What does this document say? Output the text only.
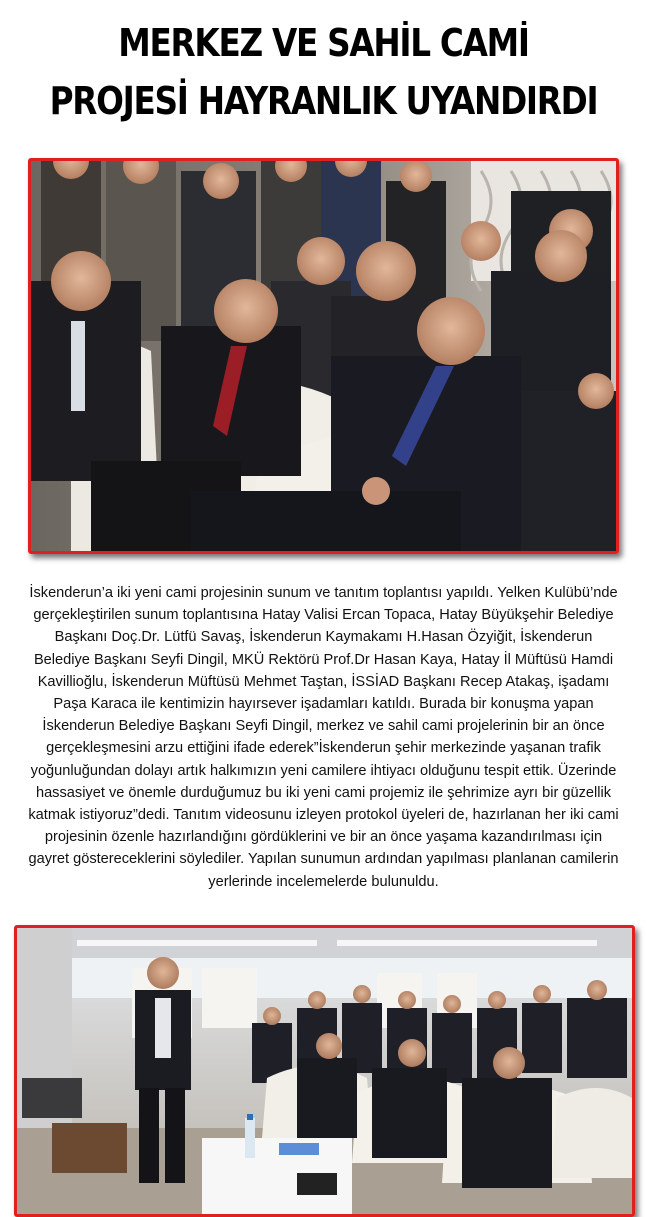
MERKEZ VE SAHİL CAMİ
PROJESİ HAYRANLIK UYANDIRDI

İskenderun’a iki yeni cami projesinin sunum ve tanıtım toplantısı yapıldı. Yelken Kulübü’nde gerçekleştirilen sunum toplantısına Hatay Valisi Ercan Topaca, Hatay Büyükşehir Belediye Başkanı Doç.Dr. Lütfü Savaş, İskenderun Kaymakamı H.Hasan Özyiğit, İskenderun Belediye Başkanı Seyfi Dingil, MKÜ Rektörü Prof.Dr Hasan Kaya, Hatay İl Müftüsü Hamdi Kavillioğlu, İskenderun Müftüsü Mehmet Taştan, İSSİAD Başkanı Recep Atakaş, işadamı Paşa Karaca ile kentimizin hayırsever işadamları katıldı. Burada bir konuşma yapan İskenderun Belediye Başkanı Seyfi Dingil, merkez ve sahil cami projelerinin bir an önce gerçekleşmesini arzu ettiğini ifade ederek”İskenderun şehir merkezinde yaşanan trafik yoğunluğundan dolayı artık halkımızın yeni camilere ihtiyacı olduğunu tespit ettik. Üzerinde hassasiyet ve önemle durduğumuz bu iki yeni cami projemiz ile şehrimize ayrı bir güzellik katmak istiyoruz”dedi. Tanıtım videosunu izleyen protokol üyeleri de, hazırlanan her iki cami projesinin özenle hazırlandığını gördüklerini ve bir an önce yaşama kazandırılması için gayret göstereceklerini söylediler. Yapılan sunumun ardından yapılması planlanan camilerin yerlerinde incelemelerde bulunuldu.
